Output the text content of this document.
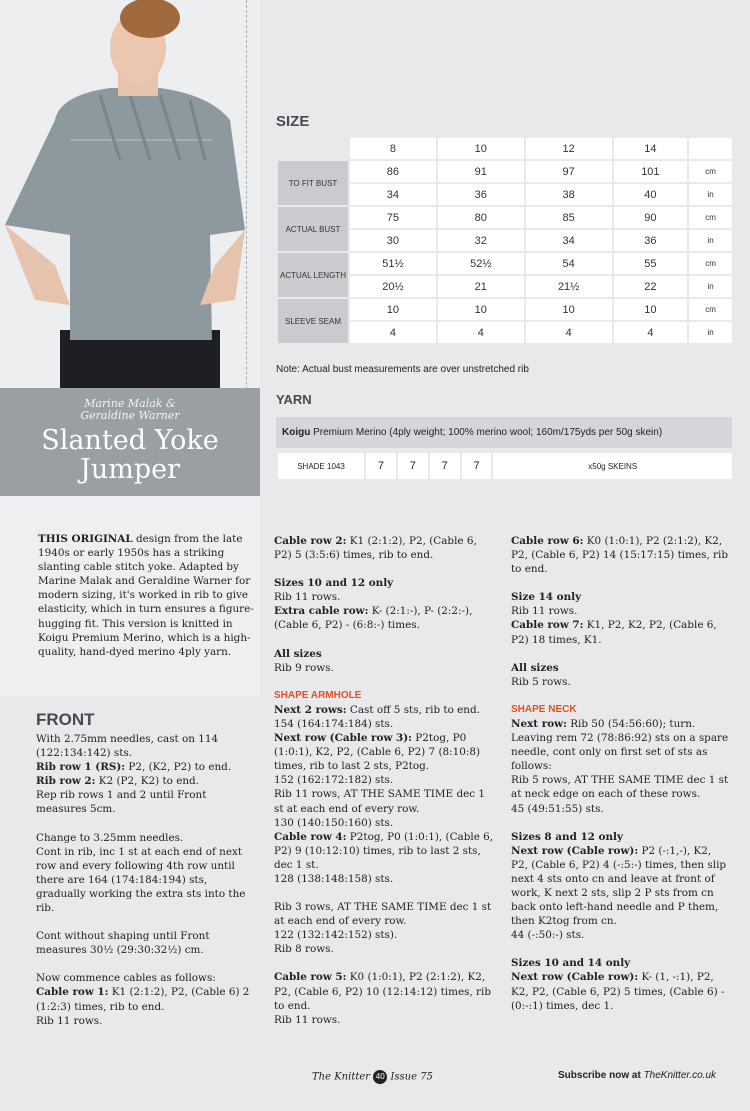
Marine Malak &
Geraldine Warner
Slanted Yoke
Jumper
THIS ORIGINAL design from the late 1940s or early 1950s has a striking slanting cable stitch yoke. Adapted by Marine Malak and Geraldine Warner for modern sizing, it's worked in rib to give elasticity, which in turn ensures a figure-hugging fit. This version is knitted in Koigu Premium Merino, which is a high-quality, hand-dyed merino 4ply yarn.
SIZE
	8	10	12	14	
TO FIT BUST	86	91	97	101	cm
	34	36	38	40	in
ACTUAL BUST	75	80	85	90	cm
	30	32	34	36	in
ACTUAL LENGTH	51½	52½	54	55	cm
	20½	21	21½	22	in
SLEEVE SEAM	10	10	10	10	cm
	4	4	4	4	in
Note: Actual bust measurements are over unstretched rib
YARN
Koigu Premium Merino (4ply weight; 100% merino wool; 160m/175yds per 50g skein)
SHADE 1043	7	7	7	7	x50g SKEINS
FRONT

With 2.75mm needles, cast on 114 (122:134:142) sts.

Rib row 1 (RS): P2, (K2, P2) to end.
Rib row 2: K2 (P2, K2) to end.

Rep rib rows 1 and 2 until Front measures 5cm.

Change to 3.25mm needles.

Cont in rib, inc 1 st at each end of next row and every following 4th row until there are 164 (174:184:194) sts, gradually working the extra sts into the rib.

Cont without shaping until Front measures 30½ (29:30:32½) cm.

Now commence cables as follows:
Cable row 1: K1 (2:1:2), P2, (Cable 6) 2 (1:2:3) times, rib to end.
Rib 11 rows.

Cable row 2: K1 (2:1:2), P2, (Cable 6, P2) 5 (3:5:6) times, rib to end.

Sizes 10 and 12 only
Rib 11 rows.

Extra cable row: K- (2:1:-), P- (2:2:-), (Cable 6, P2) - (6:8:-) times.

All sizes

Rib 9 rows.

SHAPE ARMHOLE
Next 2 rows: Cast off 5 sts, rib to end.
154 (164:174:184) sts.
Next row (Cable row 3): P2tog, P0 (1:0:1), K2, P2, (Cable 6, P2) 7 (8:10:8) times, rib to last 2 sts, P2tog.
152 (162:172:182) sts.
Rib 11 rows, AT THE SAME TIME dec 1 st at each end of every row.
130 (140:150:160) sts.
Cable row 4: P2tog, P0 (1:0:1), (Cable 6, P2) 9 (10:12:10) times, rib to last 2 sts, dec 1 st.

128 (138:148:158) sts.

Rib 3 rows, AT THE SAME TIME dec 1 st at each end of every row.
122 (132:142:152) sts).

Rib 8 rows.

Cable row 5: K0 (1:0:1), P2 (2:1:2), K2, P2, (Cable 6, P2) 10 (12:14:12) times, rib to end.
Rib 11 rows.

Cable row 6: K0 (1:0:1), P2 (2:1:2), K2, P2, (Cable 6, P2) 14 (15:17:15) times, rib to end.

Size 14 only
Rib 11 rows.

Cable row 7: K1, P2, K2, P2, (Cable 6, P2) 18 times, K1.

All sizes

Rib 5 rows.

SHAPE NECK
Next row: Rib 50 (54:56:60); turn. Leaving rem 72 (78:86:92) sts on a spare needle, cont only on first set of sts as follows:
Rib 5 rows, AT THE SAME TIME dec 1 st at neck edge on each of these rows.

45 (49:51:55) sts.

Sizes 8 and 12 only
Next row (Cable row): P2 (-:1,-), K2, P2, (Cable 6, P2) 4 (-:5:-) times, then slip next 4 sts onto cn and leave at front of work, K next 2 sts, slip 2 P sts from cn back onto left-hand needle and P them, then K2tog from cn.

44 (-:50:-) sts.

Sizes 10 and 14 only
Next row (Cable row): K- (1, -:1), P2, K2, P2, (Cable 6, P2) 5 times, (Cable 6) - (0:-:1) times, dec 1.
The Knitter 40 Issue 75	Subscribe now at TheKnitter.co.uk
